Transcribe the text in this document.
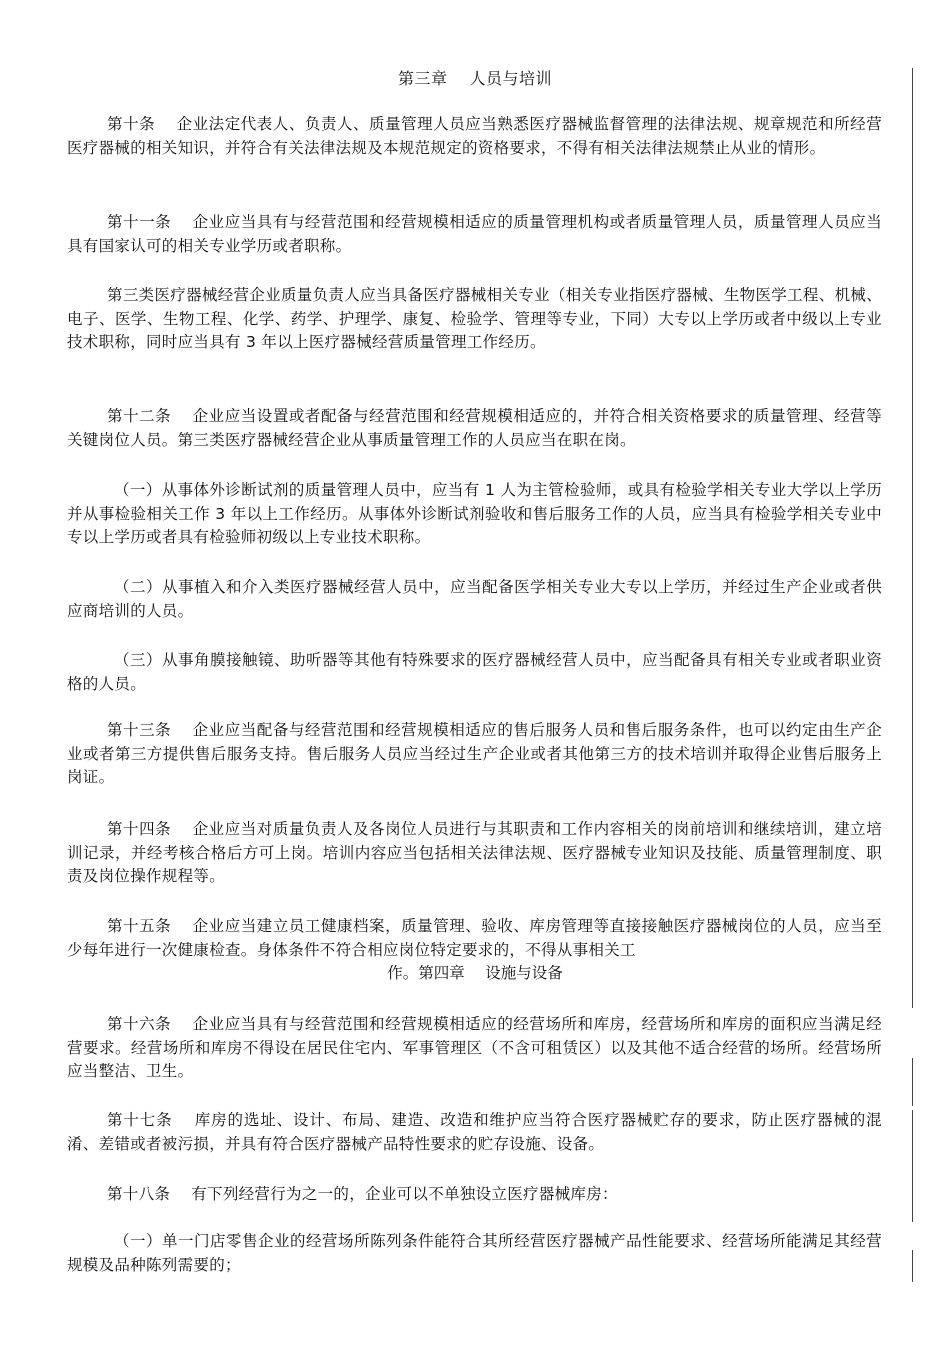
第三章　 人员与培训
第十条　 企业法定代表人、负责人、质量管理人员应当熟悉医疗器械监督管理的法律法规、规章规范和所经营医疗器械的相关知识，并符合有关法律法规及本规范规定的资格要求，不得有相关法律法规禁止从业的情形。
第十一条　 企业应当具有与经营范围和经营规模相适应的质量管理机构或者质量管理人员，质量管理人员应当具有国家认可的相关专业学历或者职称。
第三类医疗器械经营企业质量负责人应当具备医疗器械相关专业（相关专业指医疗器械、生物医学工程、机械、电子、医学、生物工程、化学、药学、护理学、康复、检验学、管理等专业，下同）大专以上学历或者中级以上专业技术职称，同时应当具有 3 年以上医疗器械经营质量管理工作经历。
第十二条　 企业应当设置或者配备与经营范围和经营规模相适应的，并符合相关资格要求的质量管理、经营等关键岗位人员。第三类医疗器械经营企业从事质量管理工作的人员应当在职在岗。
（一）从事体外诊断试剂的质量管理人员中，应当有 1 人为主管检验师，或具有检验学相关专业大学以上学历并从事检验相关工作 3 年以上工作经历。从事体外诊断试剂验收和售后服务工作的人员，应当具有检验学相关专业中专以上学历或者具有检验师初级以上专业技术职称。
（二）从事植入和介入类医疗器械经营人员中，应当配备医学相关专业大专以上学历，并经过生产企业或者供应商培训的人员。
（三）从事角膜接触镜、助听器等其他有特殊要求的医疗器械经营人员中，应当配备具有相关专业或者职业资格的人员。
第十三条　 企业应当配备与经营范围和经营规模相适应的售后服务人员和售后服务条件，也可以约定由生产企业或者第三方提供售后服务支持。售后服务人员应当经过生产企业或者其他第三方的技术培训并取得企业售后服务上岗证。
第十四条　 企业应当对质量负责人及各岗位人员进行与其职责和工作内容相关的岗前培训和继续培训，建立培训记录，并经考核合格后方可上岗。培训内容应当包括相关法律法规、医疗器械专业知识及技能、质量管理制度、职责及岗位操作规程等。
第十五条　 企业应当建立员工健康档案，质量管理、验收、库房管理等直接接触医疗器械岗位的人员，应当至少每年进行一次健康检查。身体条件不符合相应岗位特定要求的，不得从事相关工
作。第四章　 设施与设备
第十六条　 企业应当具有与经营范围和经营规模相适应的经营场所和库房，经营场所和库房的面积应当满足经营要求。经营场所和库房不得设在居民住宅内、军事管理区（不含可租赁区）以及其他不适合经营的场所。经营场所应当整洁、卫生。
第十七条　 库房的选址、设计、布局、建造、改造和维护应当符合医疗器械贮存的要求，防止医疗器械的混淆、差错或者被污损，并具有符合医疗器械产品特性要求的贮存设施、设备。
第十八条　 有下列经营行为之一的，企业可以不单独设立医疗器械库房：
（一）单一门店零售企业的经营场所陈列条件能符合其所经营医疗器械产品性能要求、经营场所能满足其经营规模及品种陈列需要的；
